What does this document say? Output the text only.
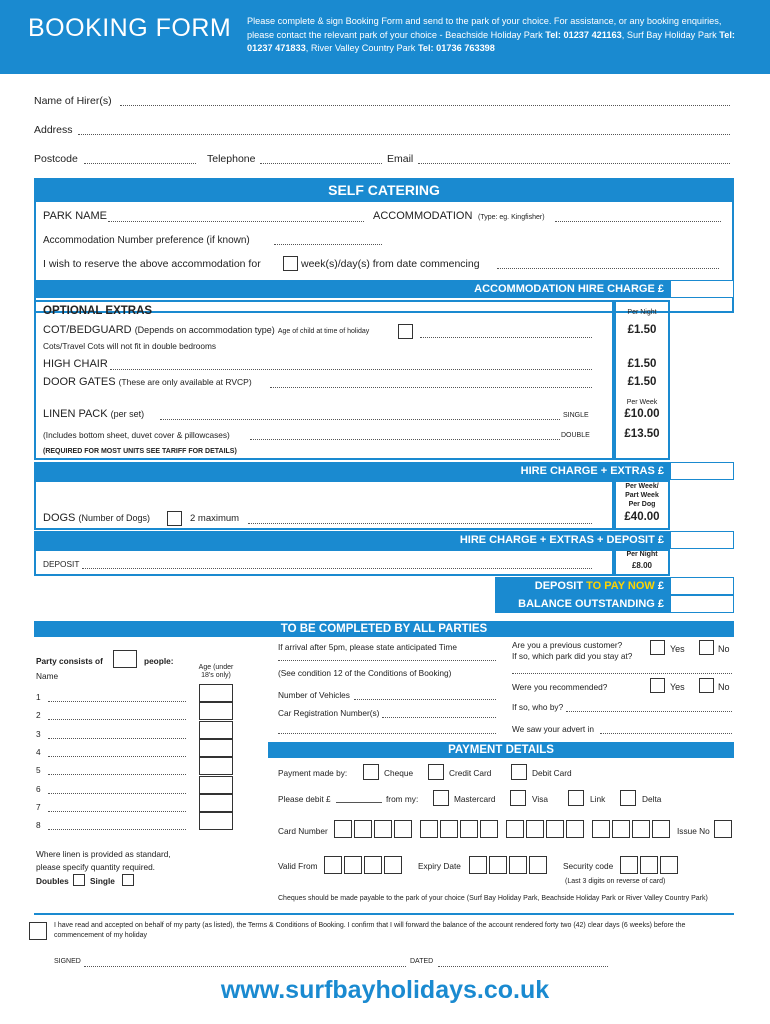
BOOKING FORM Please complete & sign Booking Form and send to the park of your choice. For assistance, or any booking enquiries, please contact the relevant park of your choice - Beachside Holiday Park Tel: 01237 421163, Surf Bay Holiday Park Tel: 01237 471833, River Valley Country Park Tel: 01736 763398
Name of Hirer(s)
Address
Postcode	Telephone	Email
SELF CATERING
PARK NAME	ACCOMMODATION (Type: eg. Kingfisher)
Accommodation Number preference (if known)
I wish to reserve the above accommodation for	week(s)/day(s) from date commencing
ACCOMMODATION HIRE CHARGE £
OPTIONAL EXTRAS	Per Night
COT/BEDGUARD (Depends on accommodation type) Age of child at time of holiday	£1.50
Cots/Travel Cots will not fit in double bedrooms
HIGH CHAIR	£1.50
DOOR GATES (These are only available at RVCP)	£1.50
Per Week
LINEN PACK (per set)	SINGLE	£10.00
(Includes bottom sheet, duvet cover & pillowcases)	DOUBLE	£13.50
(REQUIRED FOR MOST UNITS SEE TARIFF FOR DETAILS)
HIRE CHARGE + EXTRAS £
Per Week/
Part Week
Per Dog
DOGS (Number of Dogs)	2 maximum	£40.00
HIRE CHARGE + EXTRAS + DEPOSIT £
DEPOSIT
Per Night
£8.00
DEPOSIT TO PAY NOW £
BALANCE OUTSTANDING £
TO BE COMPLETED BY ALL PARTIES
Party consists of	people:
Name
Age (under 18's only)
1
2
3
4
5
6
7
8
Where linen is provided as standard,
please specify quantity required.
Doubles	Single
If arrival after 5pm, please state anticipated Time
(See condition 12 of the Conditions of Booking)
Number of Vehicles
Car Registration Number(s)
Are you a previous customer?
If so, which park did you stay at?
Yes	No
Were you recommended?	Yes	No
If so, who by?
We saw your advert in
PAYMENT DETAILS
Payment made by:	Cheque	Credit Card	Debit Card
Please debit £	from my:	Mastercard	Visa	Link	Delta
Card Number	Issue No
Valid From	Expiry Date	Security code
(Last 3 digits on reverse of card)
Cheques should be made payable to the park of your choice (Surf Bay Holiday Park, Beachside Holiday Park or River Valley Country Park)
I have read and accepted on behalf of my party (as listed), the Terms & Conditions of Booking. I confirm that I will forward the balance of the account rendered forty two (42) clear days (6 weeks) before the commencement of my holiday
SIGNED	DATED
www.surfbayholidays.co.uk
